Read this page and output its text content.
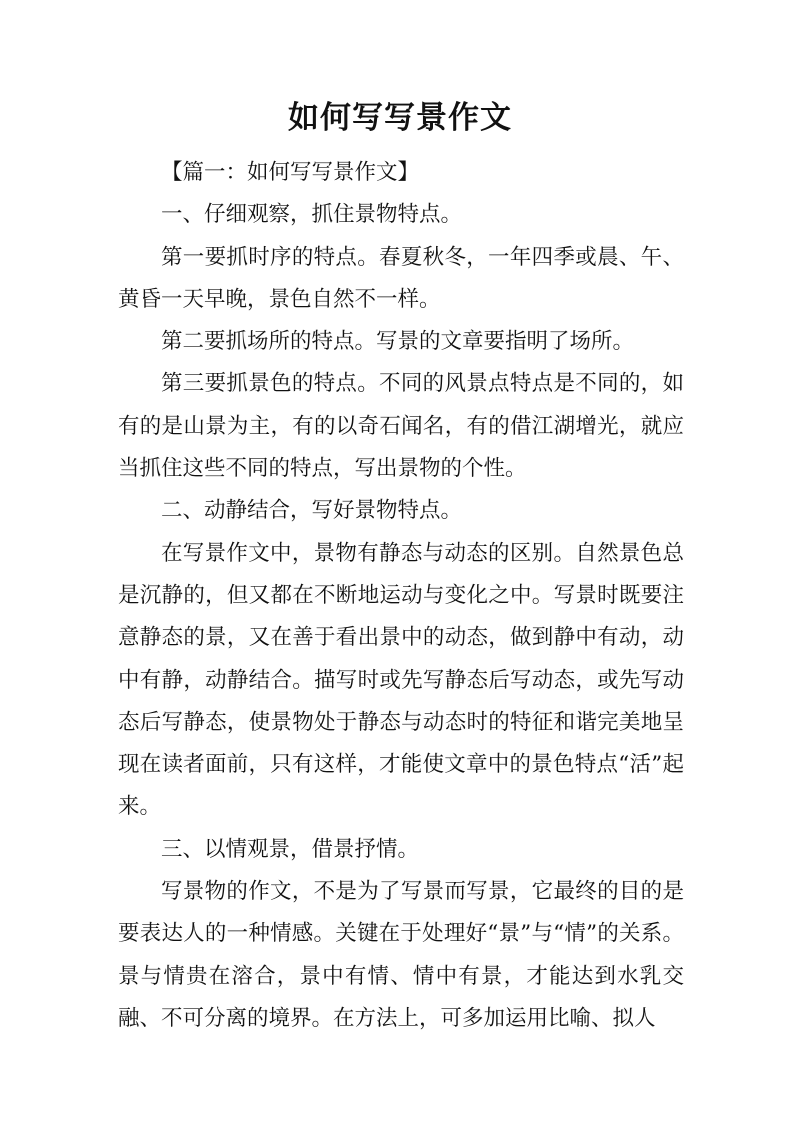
如何写写景作文

【篇一：如何写写景作文】

一、仔细观察，抓住景物特点。

第一要抓时序的特点。春夏秋冬，一年四季或晨、午、黄昏一天早晚，景色自然不一样。

第二要抓场所的特点。写景的文章要指明了场所。

第三要抓景色的特点。不同的风景点特点是不同的，如有的是山景为主，有的以奇石闻名，有的借江湖增光，就应当抓住这些不同的特点，写出景物的个性。

二、动静结合，写好景物特点。

在写景作文中，景物有静态与动态的区别。自然景色总是沉静的，但又都在不断地运动与变化之中。写景时既要注意静态的景，又在善于看出景中的动态，做到静中有动，动中有静，动静结合。描写时或先写静态后写动态，或先写动态后写静态，使景物处于静态与动态时的特征和谐完美地呈现在读者面前，只有这样，才能使文章中的景色特点“活”起来。

三、以情观景，借景抒情。

写景物的作文，不是为了写景而写景，它最终的目的是要表达人的一种情感。关键在于处理好“景”与“情”的关系。景与情贵在溶合，景中有情、情中有景，才能达到水乳交融、不可分离的境界。在方法上，可多加运用比喻、拟人
